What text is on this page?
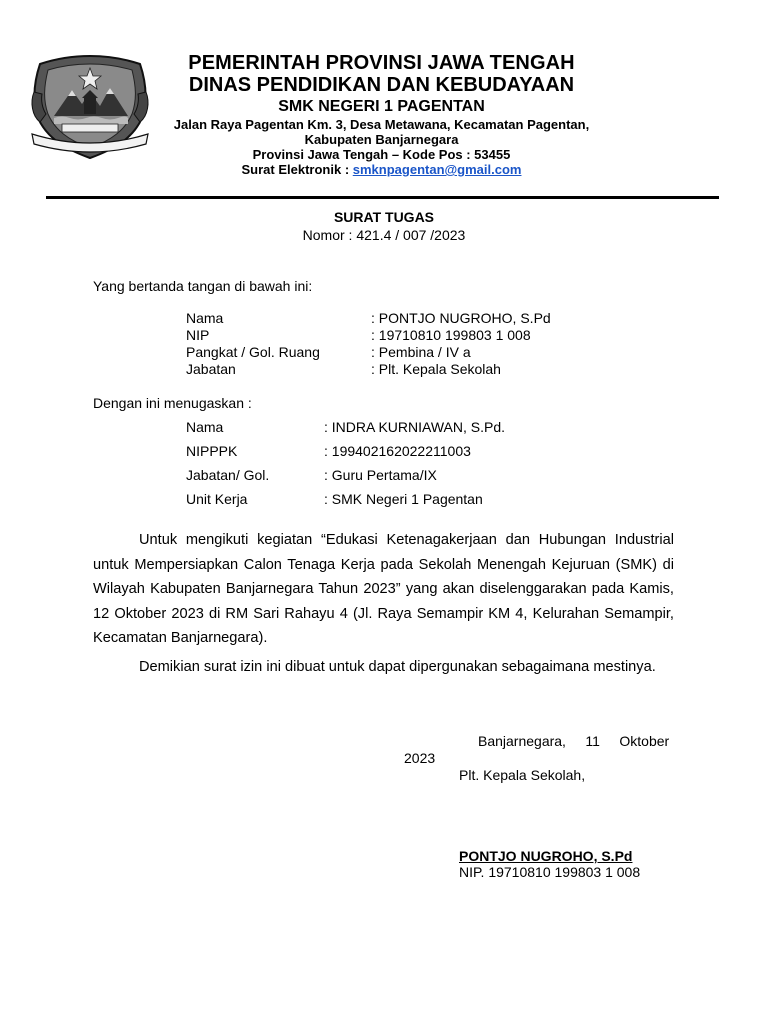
PEMERINTAH PROVINSI JAWA TENGAH
DINAS PENDIDIKAN DAN KEBUDAYAAN
SMK NEGERI 1 PAGENTAN
Jalan Raya Pagentan Km. 3, Desa Metawana, Kecamatan Pagentan,
Kabupaten Banjarnegara
Provinsi Jawa Tengah – Kode Pos : 53455
Surat Elektronik : smknpagentan@gmail.com
SURAT TUGAS
Nomor : 421.4 / 007 /2023
Yang bertanda tangan di bawah ini:
Nama	: PONTJO NUGROHO, S.Pd
NIP	: 19710810 199803 1 008
Pangkat / Gol. Ruang	: Pembina / IV a
Jabatan	: Plt. Kepala Sekolah
Dengan ini menugaskan :
Nama	: INDRA KURNIAWAN, S.Pd.
NIPPPK	: 199402162022211003
Jabatan/ Gol.	: Guru Pertama/IX
Unit Kerja	: SMK Negeri 1 Pagentan
Untuk mengikuti kegiatan “Edukasi Ketenagakerjaan dan Hubungan Industrial untuk Mempersiapkan Calon Tenaga Kerja pada Sekolah Menengah Kejuruan (SMK) di Wilayah Kabupaten Banjarnegara Tahun 2023” yang akan diselenggarakan pada Kamis, 12 Oktober 2023 di RM Sari Rahayu 4 (Jl. Raya Semampir KM 4, Kelurahan Semampir, Kecamatan Banjarnegara).
Demikian surat izin ini dibuat untuk dapat dipergunakan sebagaimana mestinya.
Banjarnegara,     11     Oktober
2023
Plt. Kepala Sekolah,
PONTJO NUGROHO, S.Pd
NIP. 19710810 199803 1 008
